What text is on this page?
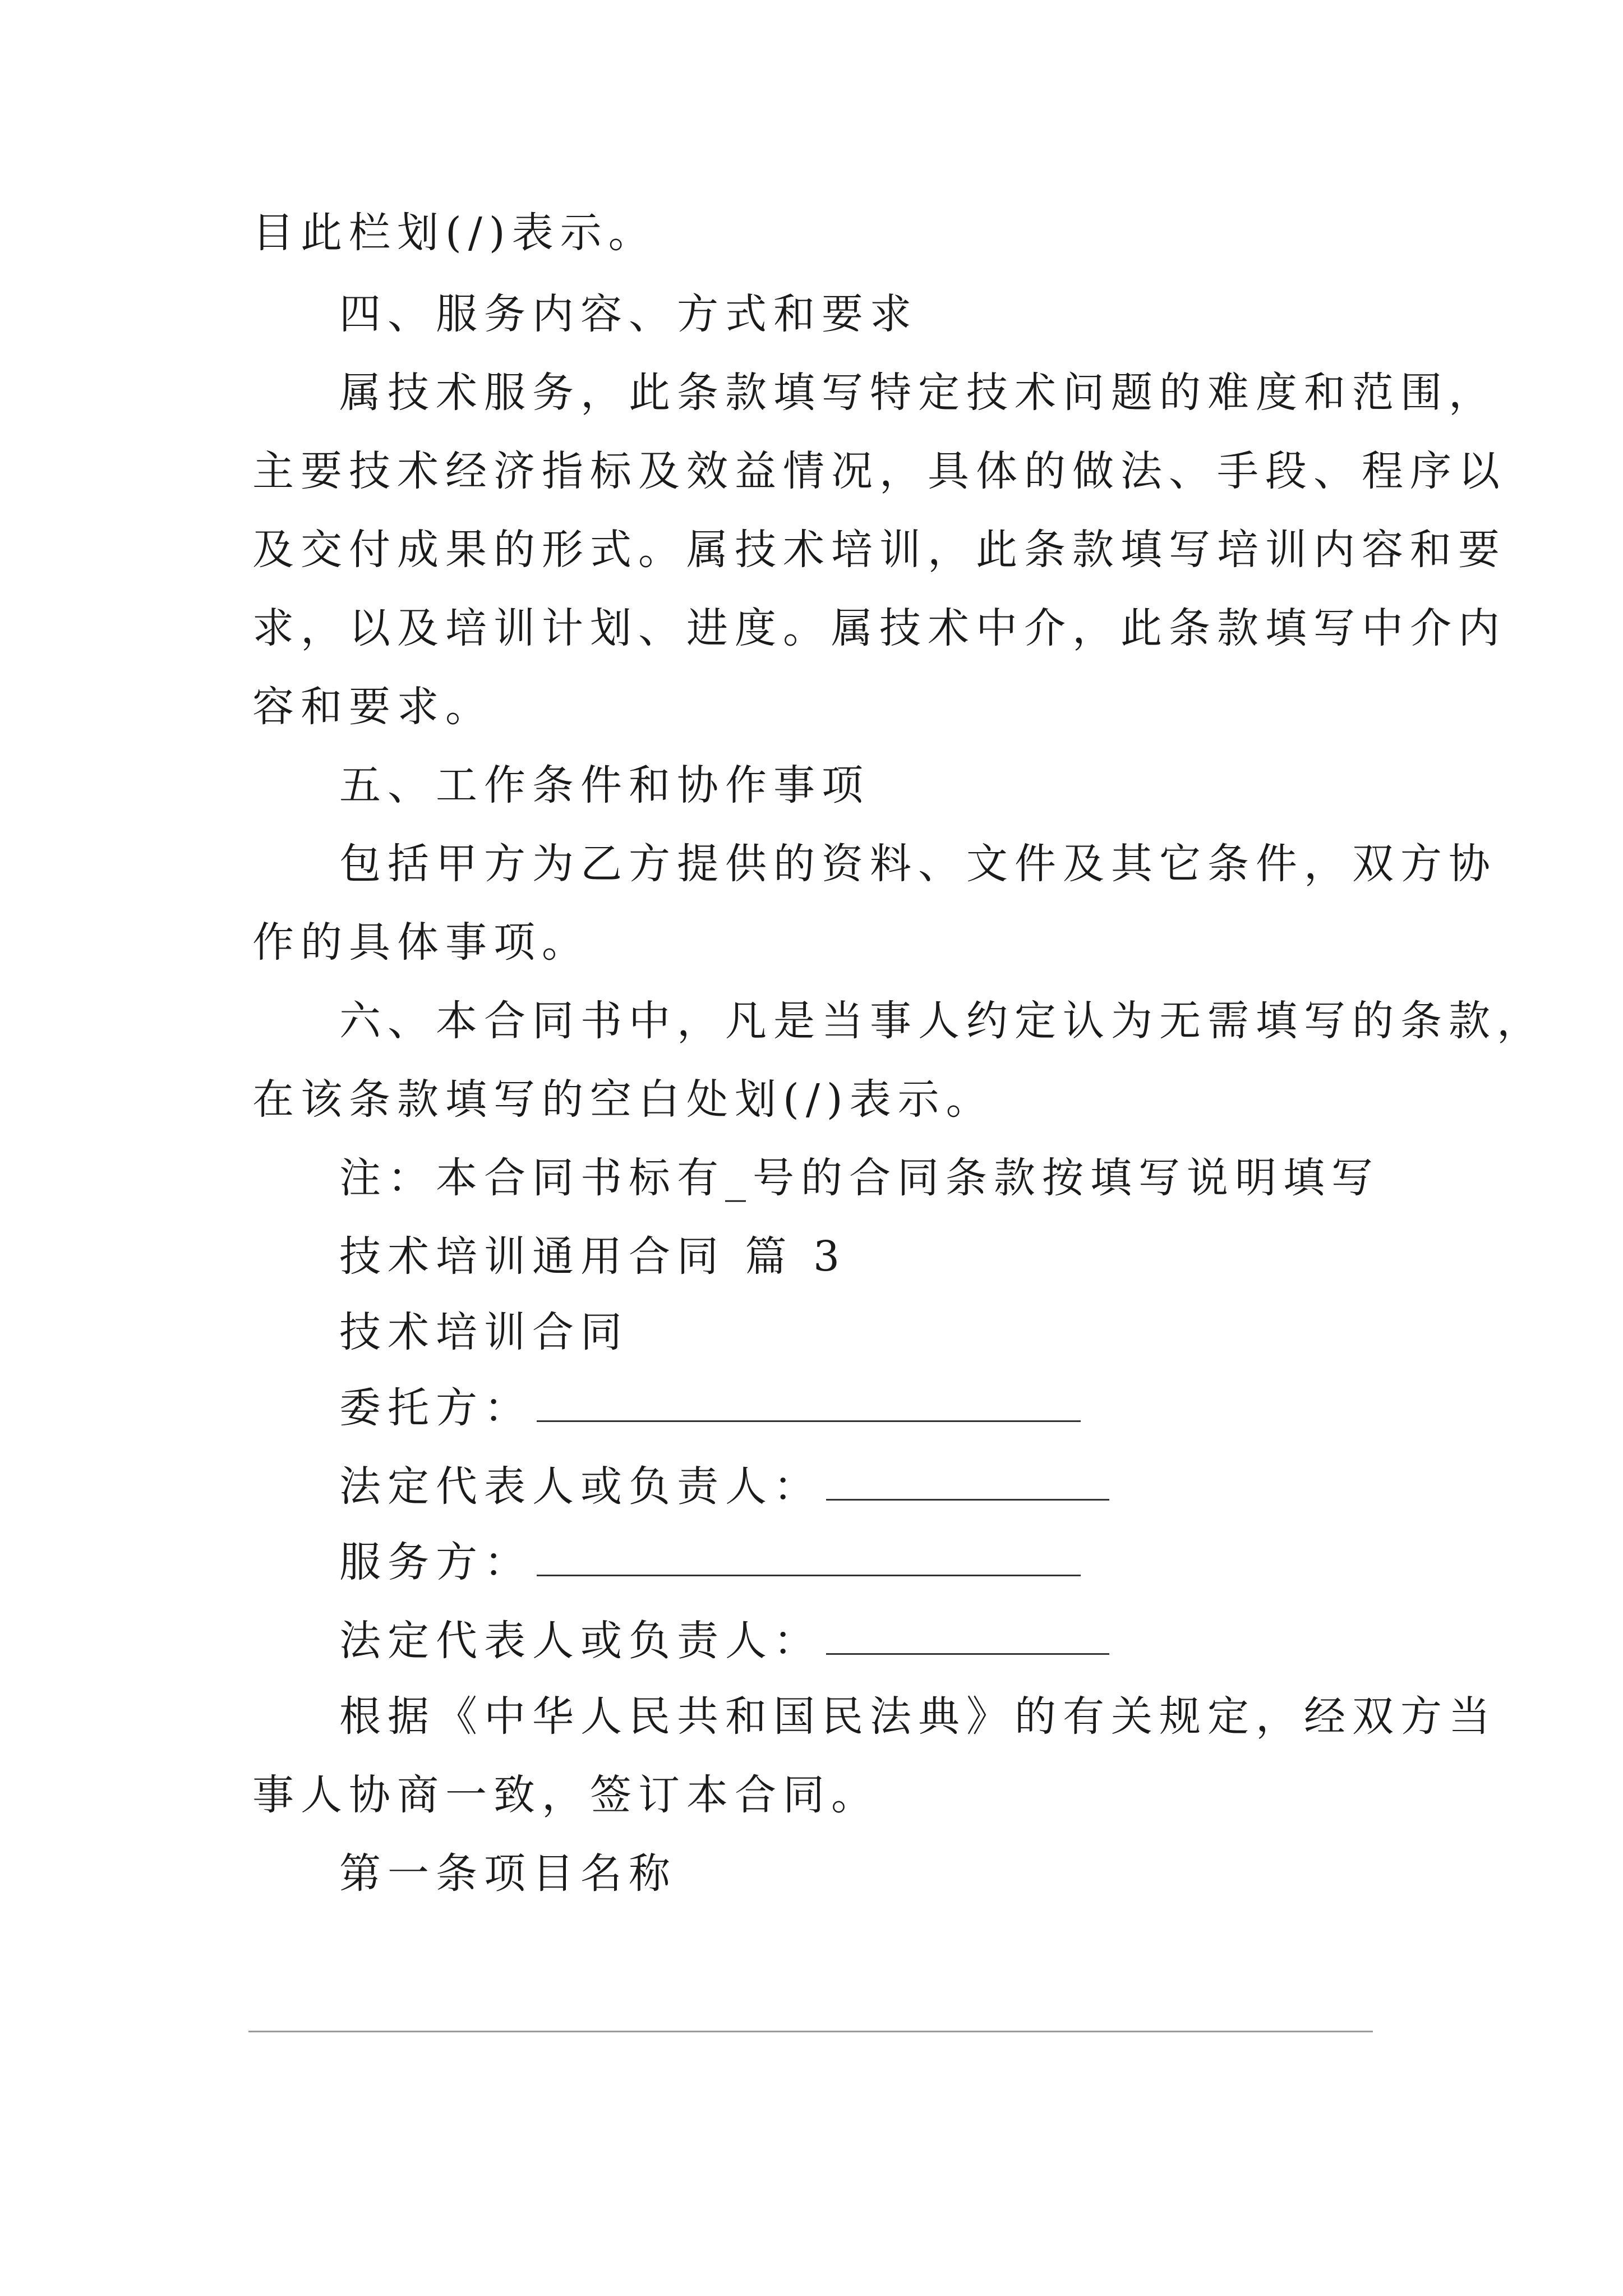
目此栏划(/)表示。
四、服务内容、方式和要求
属技术服务，此条款填写特定技术问题的难度和范围，
主要技术经济指标及效益情况，具体的做法、手段、程序以
及交付成果的形式。属技术培训，此条款填写培训内容和要
求，以及培训计划、进度。属技术中介，此条款填写中介内
容和要求。
五、工作条件和协作事项
包括甲方为乙方提供的资料、文件及其它条件，双方协
作的具体事项。
六、本合同书中，凡是当事人约定认为无需填写的条款，
在该条款填写的空白处划(/)表示。
注：本合同书标有_号的合同条款按填写说明填写
技术培训通用合同 篇 3
技术培训合同
委托方：
法定代表人或负责人：
服务方：
法定代表人或负责人：
根据《中华人民共和国民法典》的有关规定，经双方当
事人协商一致，签订本合同。
第一条项目名称
